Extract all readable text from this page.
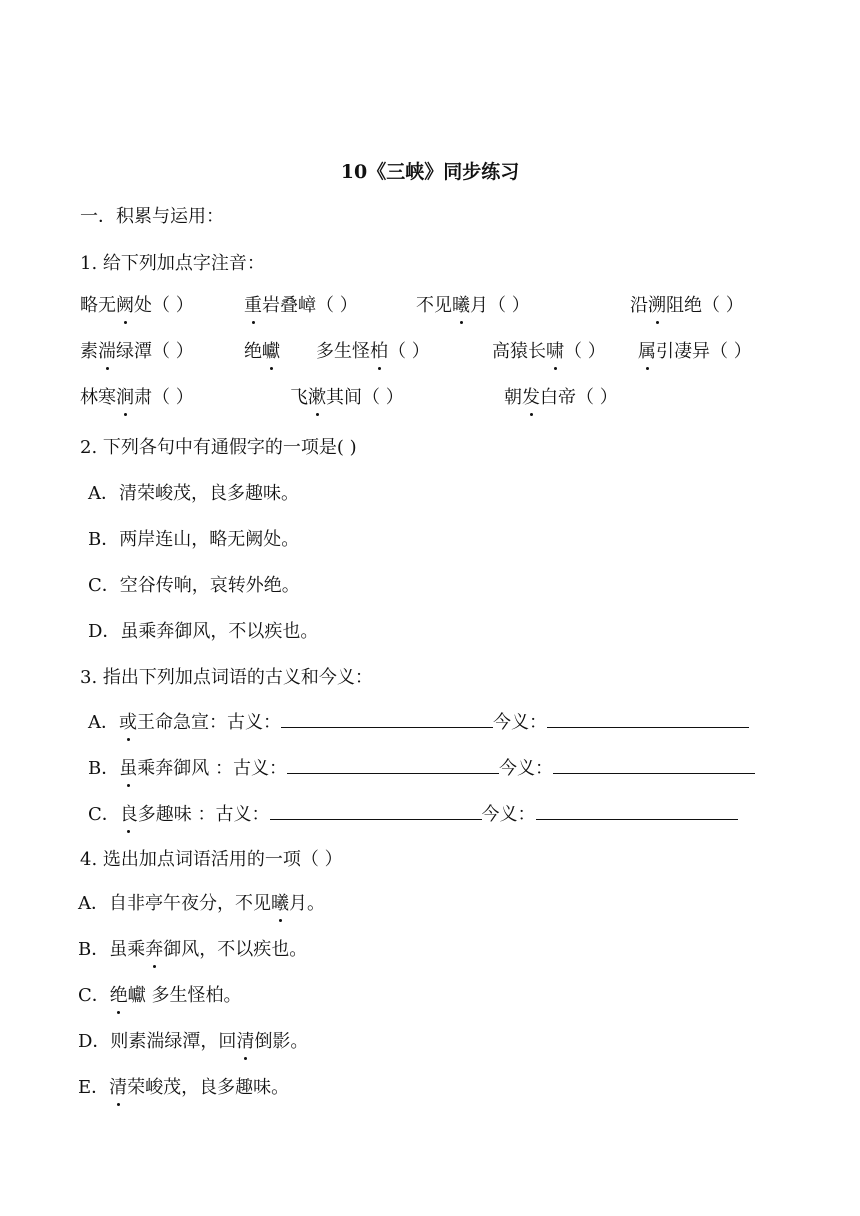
10《三峡》同步练习
一．积累与运用：
1. 给下列加点字注音：
略无阙处（ ）	重岩叠嶂（ ）	不见曦月（ ）	沿溯阻绝（ ）
素湍绿潭（ ）	绝巘 多生怪柏（ ）	高猿长啸（ ） 属引凄异（ ）
林寒涧肃（ ）	飞漱其间（ ）	朝发白帝（ ）
2. 下列各句中有通假字的一项是( )
A．清荣峻茂，良多趣味。
B．两岸连山，略无阙处。
C．空谷传响，哀转外绝。
D．虽乘奔御风，不以疾也。
3. 指出下列加点词语的古义和今义：
A．或王命急宣：古义：	今义：
B．虽乘奔御风 ：古义：	今义：
C．良多趣味 ：古义：	今义：
4. 选出加点词语活用的一项（ ）
A．自非亭午夜分，不见曦月。
B．虽乘奔御风，不以疾也。
C．绝巘 多生怪柏。
D．则素湍绿潭，回清倒影。
E．清荣峻茂，良多趣味。
